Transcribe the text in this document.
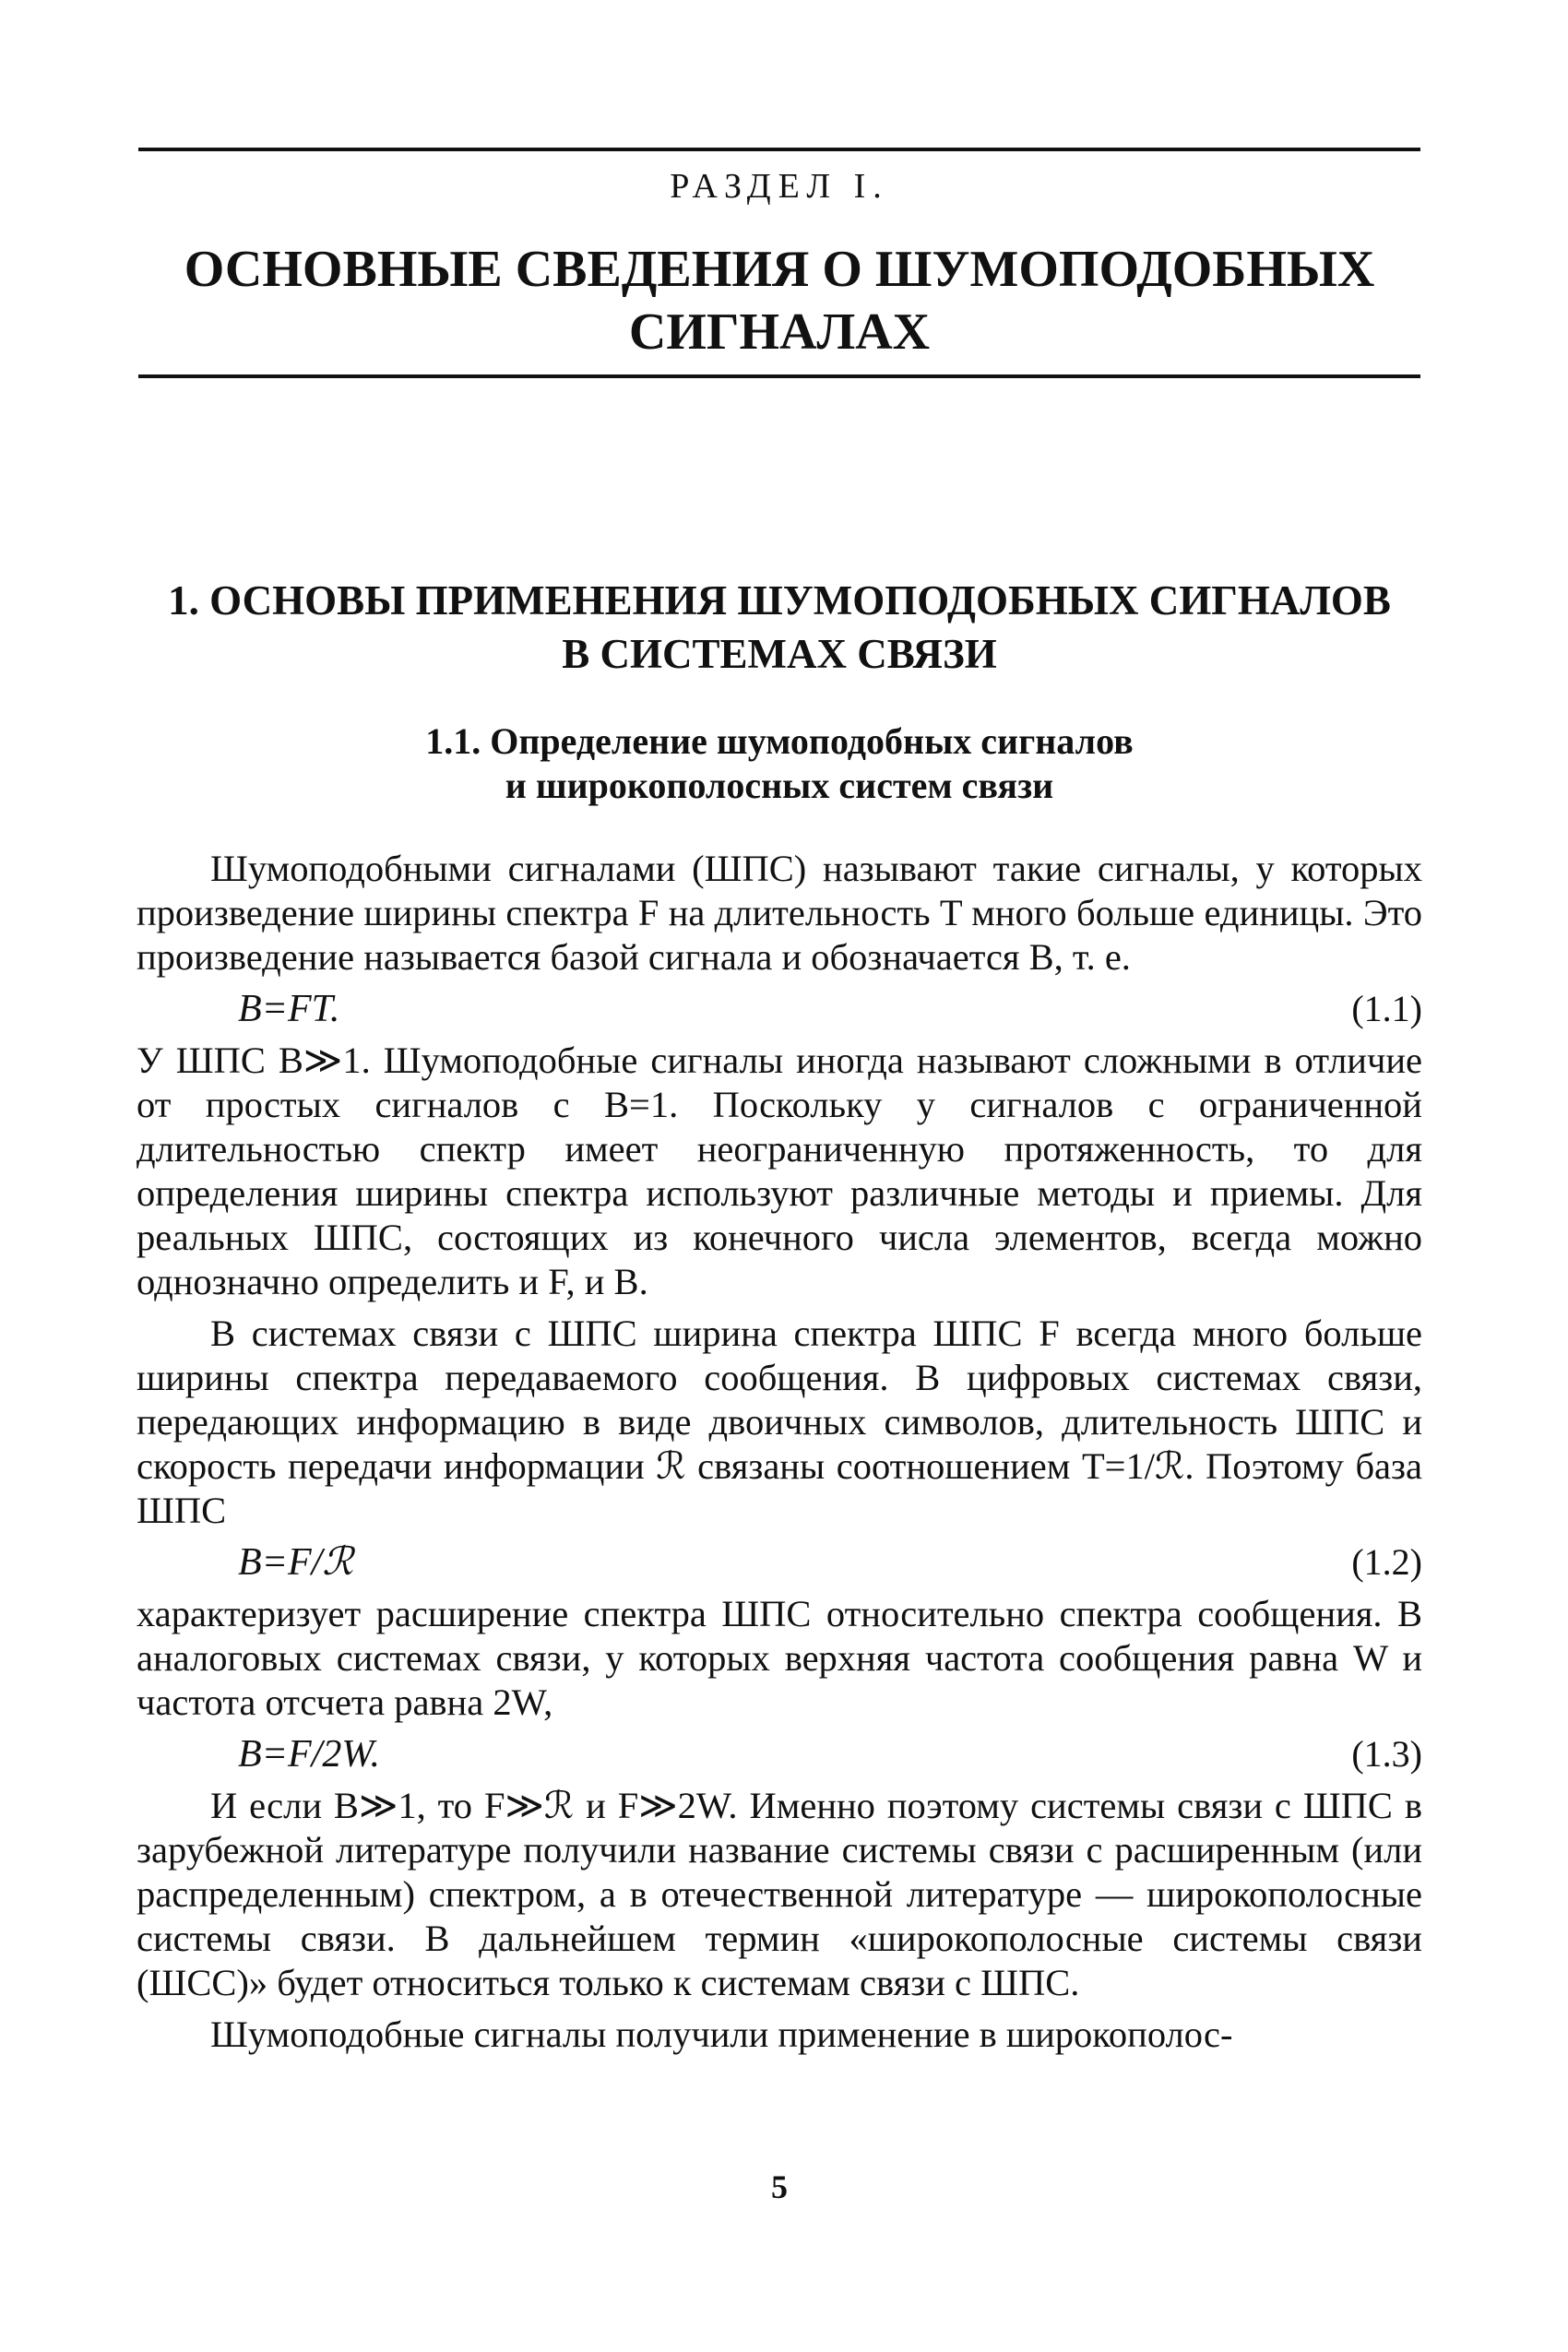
РАЗДЕЛ I.
ОСНОВНЫЕ СВЕДЕНИЯ О ШУМОПОДОБНЫХ
СИГНАЛАХ
1. ОСНОВЫ ПРИМЕНЕНИЯ ШУМОПОДОБНЫХ СИГНАЛОВ
В СИСТЕМАХ СВЯЗИ
1.1. Определение шумоподобных сигналов
и широкополосных систем связи

Шумоподобными сигналами (ШПС) называют такие сигналы, у которых произведение ширины спектра F на длительность T много больше единицы. Это произведение называется базой сигнала и обозначается B, т. е.

B=FT.	(1.1)

У ШПС B≫1. Шумоподобные сигналы иногда называют сложными в отличие от простых сигналов с B=1. Поскольку у сигналов с ограниченной длительностью спектр имеет неограниченную протяженность, то для определения ширины спектра используют различные методы и приемы. Для реальных ШПС, состоящих из конечного числа элементов, всегда можно однозначно определить и F, и B.

В системах связи с ШПС ширина спектра ШПС F всегда много больше ширины спектра передаваемого сообщения. В цифровых системах связи, передающих информацию в виде двоичных символов, длительность ШПС и скорость передачи информации ℛ связаны соотношением T=1/ℛ. Поэтому база ШПС

B=F/ℛ	(1.2)

характеризует расширение спектра ШПС относительно спектра сообщения. В аналоговых системах связи, у которых верхняя частота сообщения равна W и частота отсчета равна 2W,

B=F/2W.	(1.3)

И если B≫1, то F≫ℛ и F≫2W. Именно поэтому системы связи с ШПС в зарубежной литературе получили название системы связи с расширенным (или распределенным) спектром, а в отечественной литературе — широкополосные системы связи. В дальнейшем термин «широкополосные системы связи (ШСС)» будет относиться только к системам связи с ШПС.

Шумоподобные сигналы получили применение в широкополос-

5
